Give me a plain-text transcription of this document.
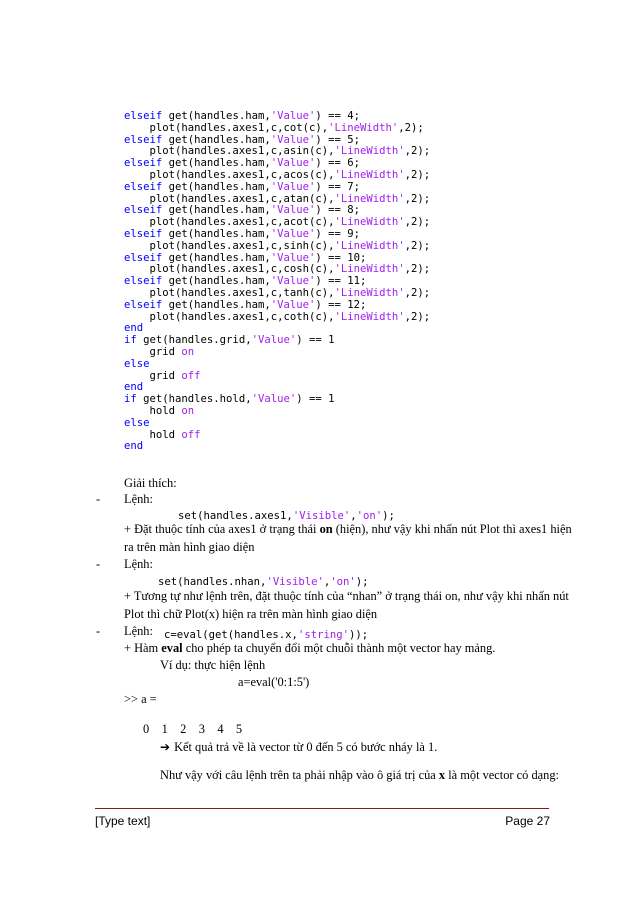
elseif get(handles.ham,'Value') == 4;
plot(handles.axes1,c,cot(c),'LineWidth',2);
elseif get(handles.ham,'Value') == 5;
plot(handles.axes1,c,asin(c),'LineWidth',2);
elseif get(handles.ham,'Value') == 6;
plot(handles.axes1,c,acos(c),'LineWidth',2);
elseif get(handles.ham,'Value') == 7;
plot(handles.axes1,c,atan(c),'LineWidth',2);
elseif get(handles.ham,'Value') == 8;
plot(handles.axes1,c,acot(c),'LineWidth',2);
elseif get(handles.ham,'Value') == 9;
plot(handles.axes1,c,sinh(c),'LineWidth',2);
elseif get(handles.ham,'Value') == 10;
plot(handles.axes1,c,cosh(c),'LineWidth',2);
elseif get(handles.ham,'Value') == 11;
plot(handles.axes1,c,tanh(c),'LineWidth',2);
elseif get(handles.ham,'Value') == 12;
plot(handles.axes1,c,coth(c),'LineWidth',2);
end
if get(handles.grid,'Value') == 1
grid on
else
grid off
end
if get(handles.hold,'Value') == 1
hold on
else
hold off
end
Giải thích:
- Lệnh:
set(handles.axes1,'Visible','on');
+ Đặt thuộc tính của axes1 ở trạng thái on (hiện), như vậy khi nhấn nút Plot thì axes1 hiện
ra trên màn hình giao diện
- Lệnh:
set(handles.nhan,'Visible','on');
+ Tương tự như lệnh trên, đặt thuộc tính của “nhan” ở trạng thái on, như vậy khi nhấn nút
Plot thì chữ Plot(x) hiện ra trên màn hình giao diện
- Lệnh: c=eval(get(handles.x,'string'));
+ Hàm eval cho phép ta chuyển đổi một chuỗi thành một vector hay mảng.
Ví dụ: thực hiện lệnh
a=eval('0:1:5')
>> a =
0    1    2    3    4    5
➔ Kết quả trả về là vector từ 0 đến 5 có bước nháy là 1.
Như vậy với câu lệnh trên ta phải nhập vào ô giá trị của x là một vector có dạng:
[Type text]	Page 27
